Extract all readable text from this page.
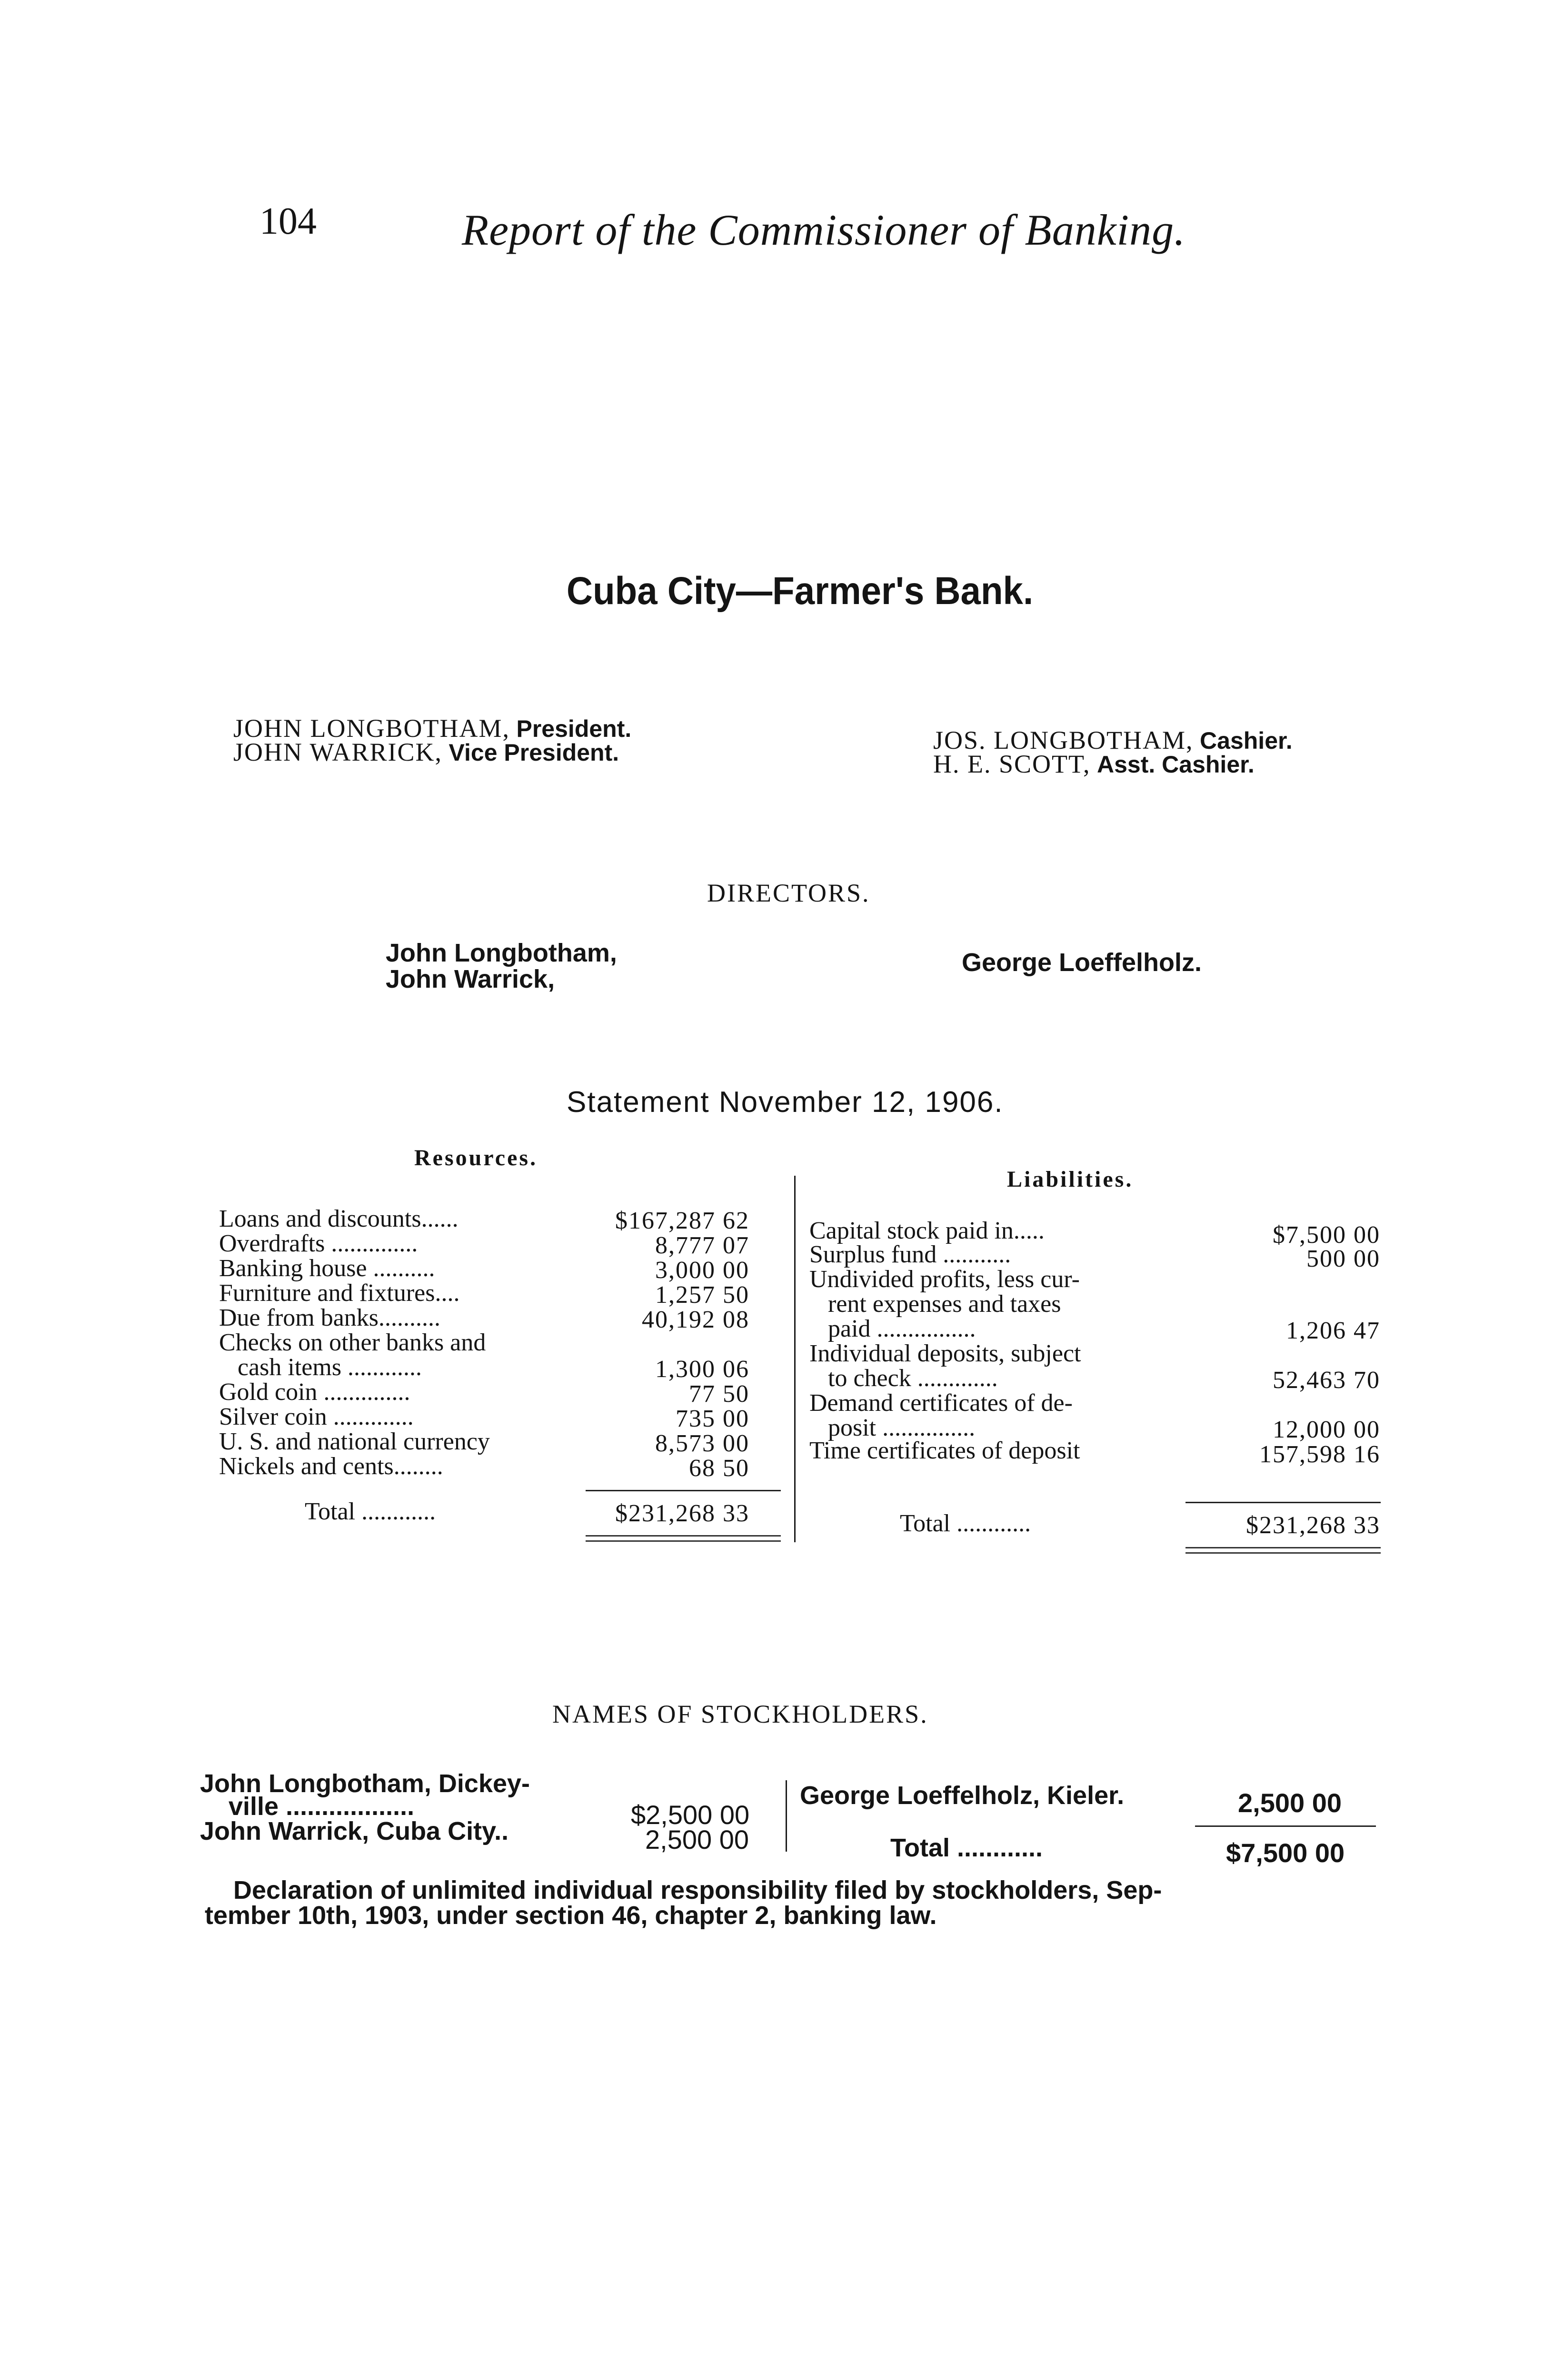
104	Report of the Commissioner of Banking.
Cuba City—Farmer's Bank.
JOHN LONGBOTHAM, President.
JOHN WARRICK, Vice President.	JOS. LONGBOTHAM, Cashier.
H. E. SCOTT, Asst. Cashier.
DIRECTORS.
John Longbotham,
John Warrick,
George Loeffelholz.
Statement November 12, 1906.
Resources.
Liabilities.
Loans and discounts......	$167,287 62
Overdrafts ..............	8,777 07
Banking house ..........	3,000 00
Furniture and fixtures....	1,257 50
Due from banks..........	40,192 08
Checks on other banks and
cash items ............	1,300 06
Gold coin ..............	77 50
Silver coin .............	735 00
U. S. and national currency	8,573 00
Nickels and cents........	68 50
Total ............	$231,268 33
Capital stock paid in.....	$7,500 00
Surplus fund ...........	500 00
Undivided profits, less cur-
rent expenses and taxes
paid ................	1,206 47
Individual deposits, subject
to check .............	52,463 70
Demand certificates of de-
posit ...............	12,000 00
Time certificates of deposit	157,598 16
Total ............	$231,268 33
NAMES OF STOCKHOLDERS.
John Longbotham, Dickey-
ville ..................	$2,500 00
John Warrick, Cuba City..	2,500 00
George Loeffelholz, Kieler.	2,500 00
Total ............	$7,500 00
Declaration of unlimited individual responsibility filed by stockholders, Sep-
tember 10th, 1903, under section 46, chapter 2, banking law.
